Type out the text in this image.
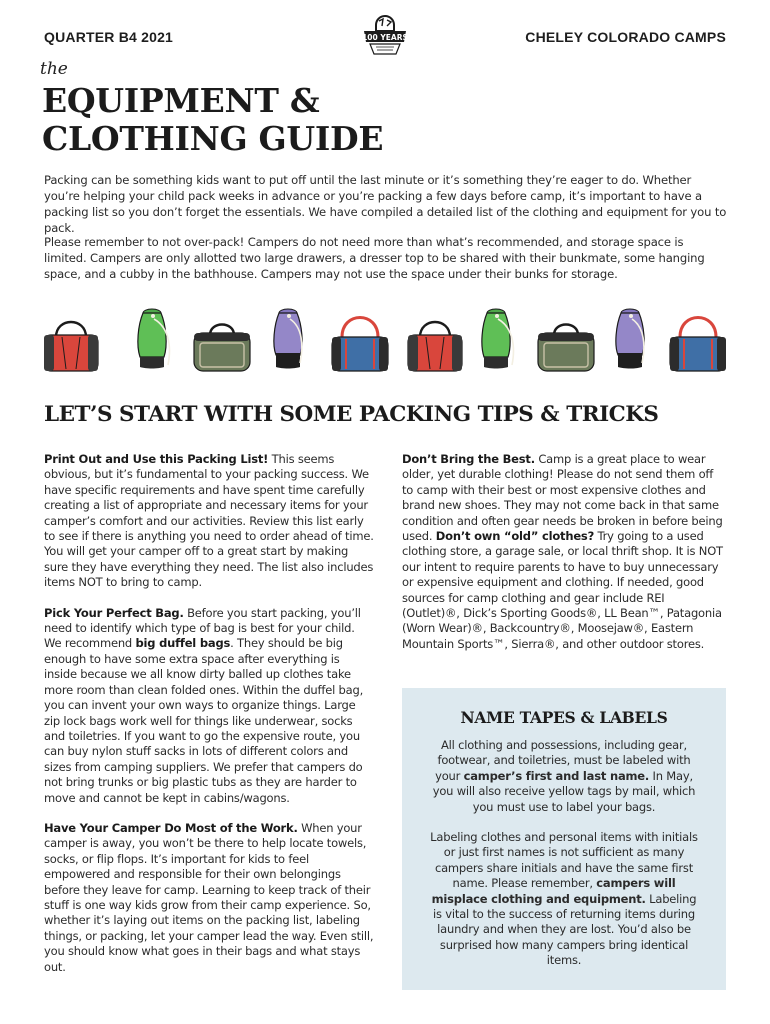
QUARTER B4 2021	100 YEARS	CHELEY COLORADO CAMPS
the
EQUIPMENT &
CLOTHING GUIDE

Packing can be something kids want to put off until the last minute or it’s something they’re eager to do. Whether you’re helping your child pack weeks in advance or you’re packing a few days before camp, it’s important to have a packing list so you don’t forget the essentials. We have compiled a detailed list of the clothing and equipment for you to pack.

Please remember to not over-pack! Campers do not need more than what’s recommended, and storage space is limited. Campers are only allotted two large drawers, a dresser top to be shared with their bunkmate, some hanging space, and a cubby in the bathhouse. Campers may not use the space under their bunks for storage.

LET’S START WITH SOME PACKING TIPS & TRICKS

Print Out and Use this Packing List! This seems obvious, but it’s fundamental to your packing success. We have specific requirements and have spent time carefully creating a list of appropriate and necessary items for your camper’s comfort and our activities. Review this list early to see if there is anything you need to order ahead of time. You will get your camper off to a great start by making sure they have everything they need. The list also includes items NOT to bring to camp.

Pick Your Perfect Bag. Before you start packing, you’ll need to identify which type of bag is best for your child. We recommend big duffel bags. They should be big enough to have some extra space after everything is inside because we all know dirty balled up clothes take more room than clean folded ones. Within the duffel bag, you can invent your own ways to organize things. Large zip lock bags work well for things like underwear, socks and toiletries. If you want to go the expensive route, you can buy nylon stuff sacks in lots of different colors and sizes from camping suppliers. We prefer that campers do not bring trunks or big plastic tubs as they are harder to move and cannot be kept in cabins/wagons.

Have Your Camper Do Most of the Work. When your camper is away, you won’t be there to help locate towels, socks, or flip flops. It’s important for kids to feel empowered and responsible for their own belongings before they leave for camp. Learning to keep track of their stuff is one way kids grow from their camp experience. So, whether it’s laying out items on the packing list, labeling things, or packing, let your camper lead the way. Even still, you should know what goes in their bags and what stays out.

Don’t Bring the Best. Camp is a great place to wear older, yet durable clothing! Please do not send them off to camp with their best or most expensive clothes and brand new shoes. They may not come back in that same condition and often gear needs be broken in before being used. Don’t own “old” clothes? Try going to a used clothing store, a garage sale, or local thrift shop. It is NOT our intent to require parents to have to buy unnecessary or expensive equipment and clothing. If needed, good sources for camp clothing and gear include REI (Outlet)®, Dick’s Sporting Goods®, LL Bean™, Patagonia (Worn Wear)®, Backcountry®, Moosejaw®, Eastern Mountain Sports™, Sierra®, and other outdoor stores.

NAME TAPES & LABELS

All clothing and possessions, including gear, footwear, and toiletries, must be labeled with your camper’s first and last name. In May, you will also receive yellow tags by mail, which you must use to label your bags.

Labeling clothes and personal items with initials or just first names is not sufficient as many campers share initials and have the same first name. Please remember, campers will misplace clothing and equipment. Labeling is vital to the success of returning items during laundry and when they are lost. You’d also be surprised how many campers bring identical items.
